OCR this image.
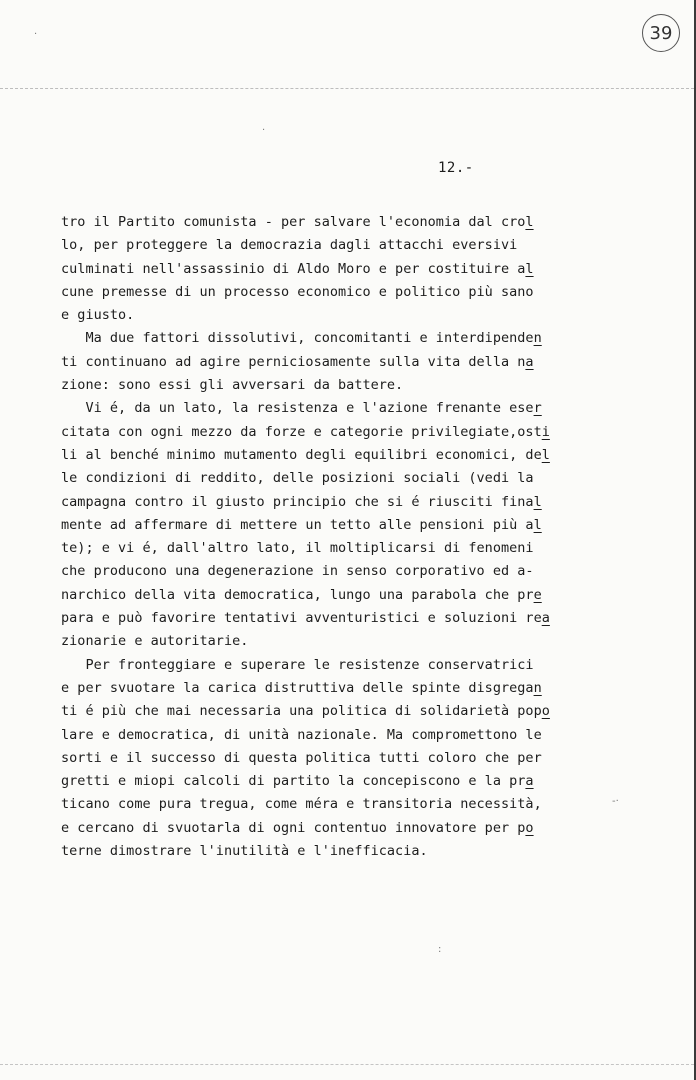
39
12.-
tro il Partito comunista - per salvare l'economia dal crol
lo, per proteggere la democrazia dagli attacchi eversivi
culminati nell'assassinio di Aldo Moro e per costituire al
cune premesse di un processo economico e politico più sano
e giusto.
Ma due fattori dissolutivi, concomitanti e interdipenden
ti continuano ad agire perniciosamente sulla vita della na
zione: sono essi gli avversari da battere.
Vi é, da un lato, la resistenza e l'azione frenante eser
citata con ogni mezzo da forze e categorie privilegiate,osti
li al benché minimo mutamento degli equilibri economici, del
le condizioni di reddito, delle posizioni sociali (vedi la
campagna contro il giusto principio che si é riusciti final
mente ad affermare di mettere un tetto alle pensioni più al
te); e vi é, dall'altro lato, il moltiplicarsi di fenomeni
che producono una degenerazione in senso corporativo ed a-
narchico della vita democratica, lungo una parabola che pre
para e può favorire tentativi avventuristici e soluzioni rea
zionarie e autoritarie.
Per fronteggiare e superare le resistenze conservatrici
e per svuotare la carica distruttiva delle spinte disgregan
ti é più che mai necessaria una politica di solidarietà popo
lare e democratica, di unità nazionale. Ma compromettono le
sorti e il successo di questa politica tutti coloro che per
gretti e miopi calcoli di partito la concepiscono e la pra
ticano come pura tregua, come méra e transitoria necessità,
e cercano di svuotarla di ogni contentuo innovatore per po
terne dimostrare l'inutilità e l'inefficacia.
.
.
-·
:
